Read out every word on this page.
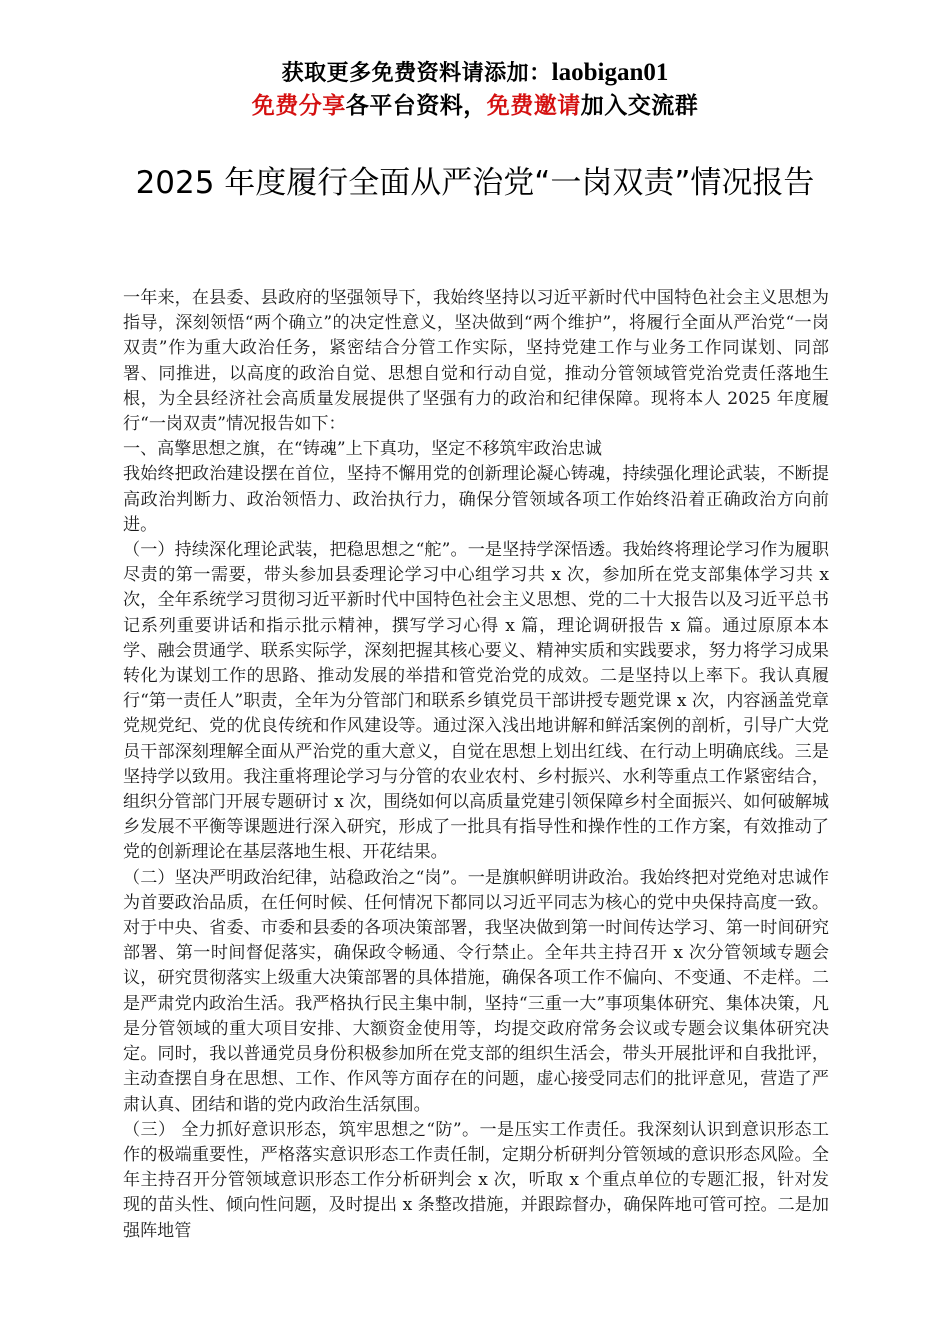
获取更多免费资料请添加：laobigan01
免费分享各平台资料，免费邀请加入交流群
2025 年度履行全面从严治党“一岗双责”情况报告

一年来，在县委、县政府的坚强领导下，我始终坚持以习近平新时代中国特色社会主义思想为指导，深刻领悟“两个确立”的决定性意义，坚决做到“两个维护”，将履行全面从严治党“一岗双责”作为重大政治任务，紧密结合分管工作实际，坚持党建工作与业务工作同谋划、同部署、同推进，以高度的政治自觉、思想自觉和行动自觉，推动分管领域管党治党责任落地生根，为全县经济社会高质量发展提供了坚强有力的政治和纪律保障。现将本人 2025 年度履行“一岗双责”情况报告如下：

一、高擎思想之旗，在“铸魂”上下真功，坚定不移筑牢政治忠诚

我始终把政治建设摆在首位，坚持不懈用党的创新理论凝心铸魂，持续强化理论武装，不断提高政治判断力、政治领悟力、政治执行力，确保分管领域各项工作始终沿着正确政治方向前进。

（一）持续深化理论武装，把稳思想之“舵”。一是坚持学深悟透。我始终将理论学习作为履职尽责的第一需要，带头参加县委理论学习中心组学习共 x 次，参加所在党支部集体学习共 x 次，全年系统学习贯彻习近平新时代中国特色社会主义思想、党的二十大报告以及习近平总书记系列重要讲话和指示批示精神，撰写学习心得 x 篇，理论调研报告 x 篇。通过原原本本学、融会贯通学、联系实际学，深刻把握其核心要义、精神实质和实践要求，努力将学习成果转化为谋划工作的思路、推动发展的举措和管党治党的成效。二是坚持以上率下。我认真履行“第一责任人”职责，全年为分管部门和联系乡镇党员干部讲授专题党课 x 次，内容涵盖党章党规党纪、党的优良传统和作风建设等。通过深入浅出地讲解和鲜活案例的剖析，引导广大党员干部深刻理解全面从严治党的重大意义，自觉在思想上划出红线、在行动上明确底线。三是坚持学以致用。我注重将理论学习与分管的农业农村、乡村振兴、水利等重点工作紧密结合，组织分管部门开展专题研讨 x 次，围绕如何以高质量党建引领保障乡村全面振兴、如何破解城乡发展不平衡等课题进行深入研究，形成了一批具有指导性和操作性的工作方案，有效推动了党的创新理论在基层落地生根、开花结果。

（二）坚决严明政治纪律，站稳政治之“岗”。一是旗帜鲜明讲政治。我始终把对党绝对忠诚作为首要政治品质，在任何时候、任何情况下都同以习近平同志为核心的党中央保持高度一致。对于中央、省委、市委和县委的各项决策部署，我坚决做到第一时间传达学习、第一时间研究部署、第一时间督促落实，确保政令畅通、令行禁止。全年共主持召开 x 次分管领域专题会议，研究贯彻落实上级重大决策部署的具体措施，确保各项工作不偏向、不变通、不走样。二是严肃党内政治生活。我严格执行民主集中制，坚持“三重一大”事项集体研究、集体决策，凡是分管领域的重大项目安排、大额资金使用等，均提交政府常务会议或专题会议集体研究决定。同时，我以普通党员身份积极参加所在党支部的组织生活会，带头开展批评和自我批评，主动查摆自身在思想、工作、作风等方面存在的问题，虚心接受同志们的批评意见，营造了严肃认真、团结和谐的党内政治生活氛围。

（三） 全力抓好意识形态，筑牢思想之“防”。一是压实工作责任。我深刻认识到意识形态工作的极端重要性，严格落实意识形态工作责任制，定期分析研判分管领域的意识形态风险。全年主持召开分管领域意识形态工作分析研判会 x 次，听取 x 个重点单位的专题汇报，针对发现的苗头性、倾向性问题，及时提出 x 条整改措施，并跟踪督办，确保阵地可管可控。二是加强阵地管
